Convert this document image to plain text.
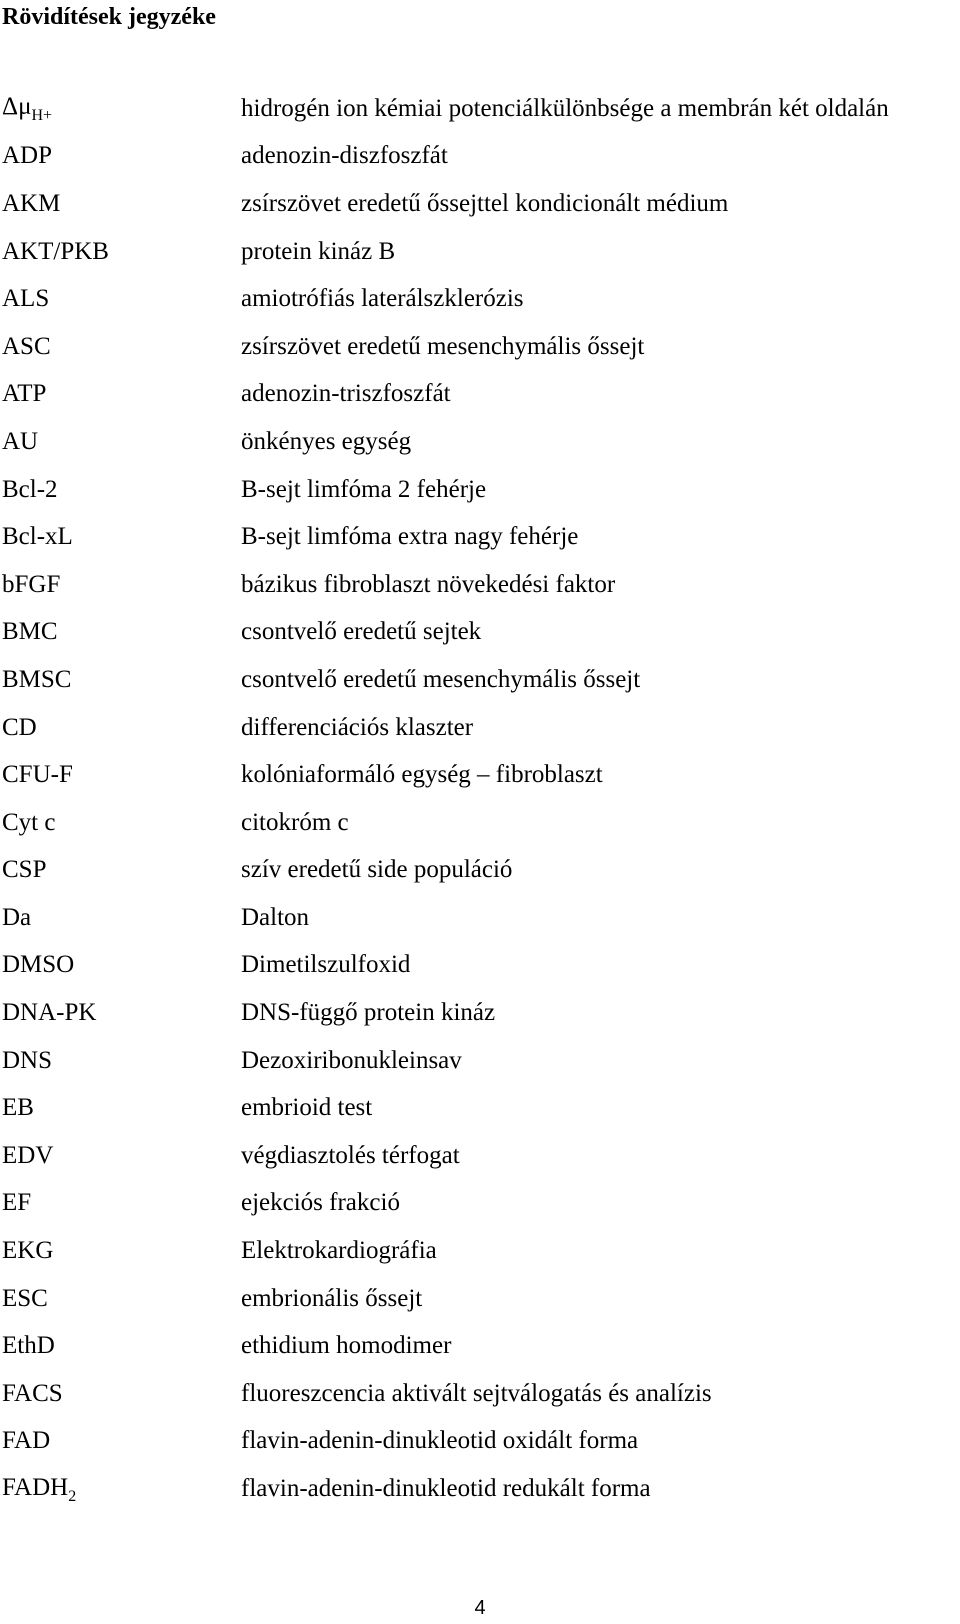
Rövidítések jegyzéke
$\Delta\mu_{H+}$	hidrogén ion kémiai potenciálkülönbsége a membrán két oldalán
ADP	adenozin-diszfoszfát
AKM	zsírszövet eredetű őssejttel kondicionált médium
AKT/PKB	protein kináz B
ALS	amiotrófiás laterálszklerózis
ASC	zsírszövet eredetű mesenchymális őssejt
ATP	adenozin-triszfoszfát
AU	önkényes egység
Bcl-2	B-sejt limfóma 2 fehérje
Bcl-xL	B-sejt limfóma extra nagy fehérje
bFGF	bázikus fibroblaszt növekedési faktor
BMC	csontvelő eredetű sejtek
BMSC	csontvelő eredetű mesenchymális őssejt
CD	differenciációs klaszter
CFU-F	kolóniaformáló egység – fibroblaszt
Cyt c	citokróm c
CSP	szív eredetű side populáció
Da	Dalton
DMSO	Dimetilszulfoxid
DNA-PK	DNS-függő protein kináz
DNS	Dezoxiribonukleinsav
EB	embrioid test
EDV	végdiasztolés térfogat
EF	ejekciós frakció
EKG	Elektrokardiográfia
ESC	embrionális őssejt
EthD	ethidium homodimer
FACS	fluoreszcencia aktivált sejtválogatás és analízis
FAD	flavin-adenin-dinukleotid oxidált forma
$FADH_2$	flavin-adenin-dinukleotid redukált forma
4
